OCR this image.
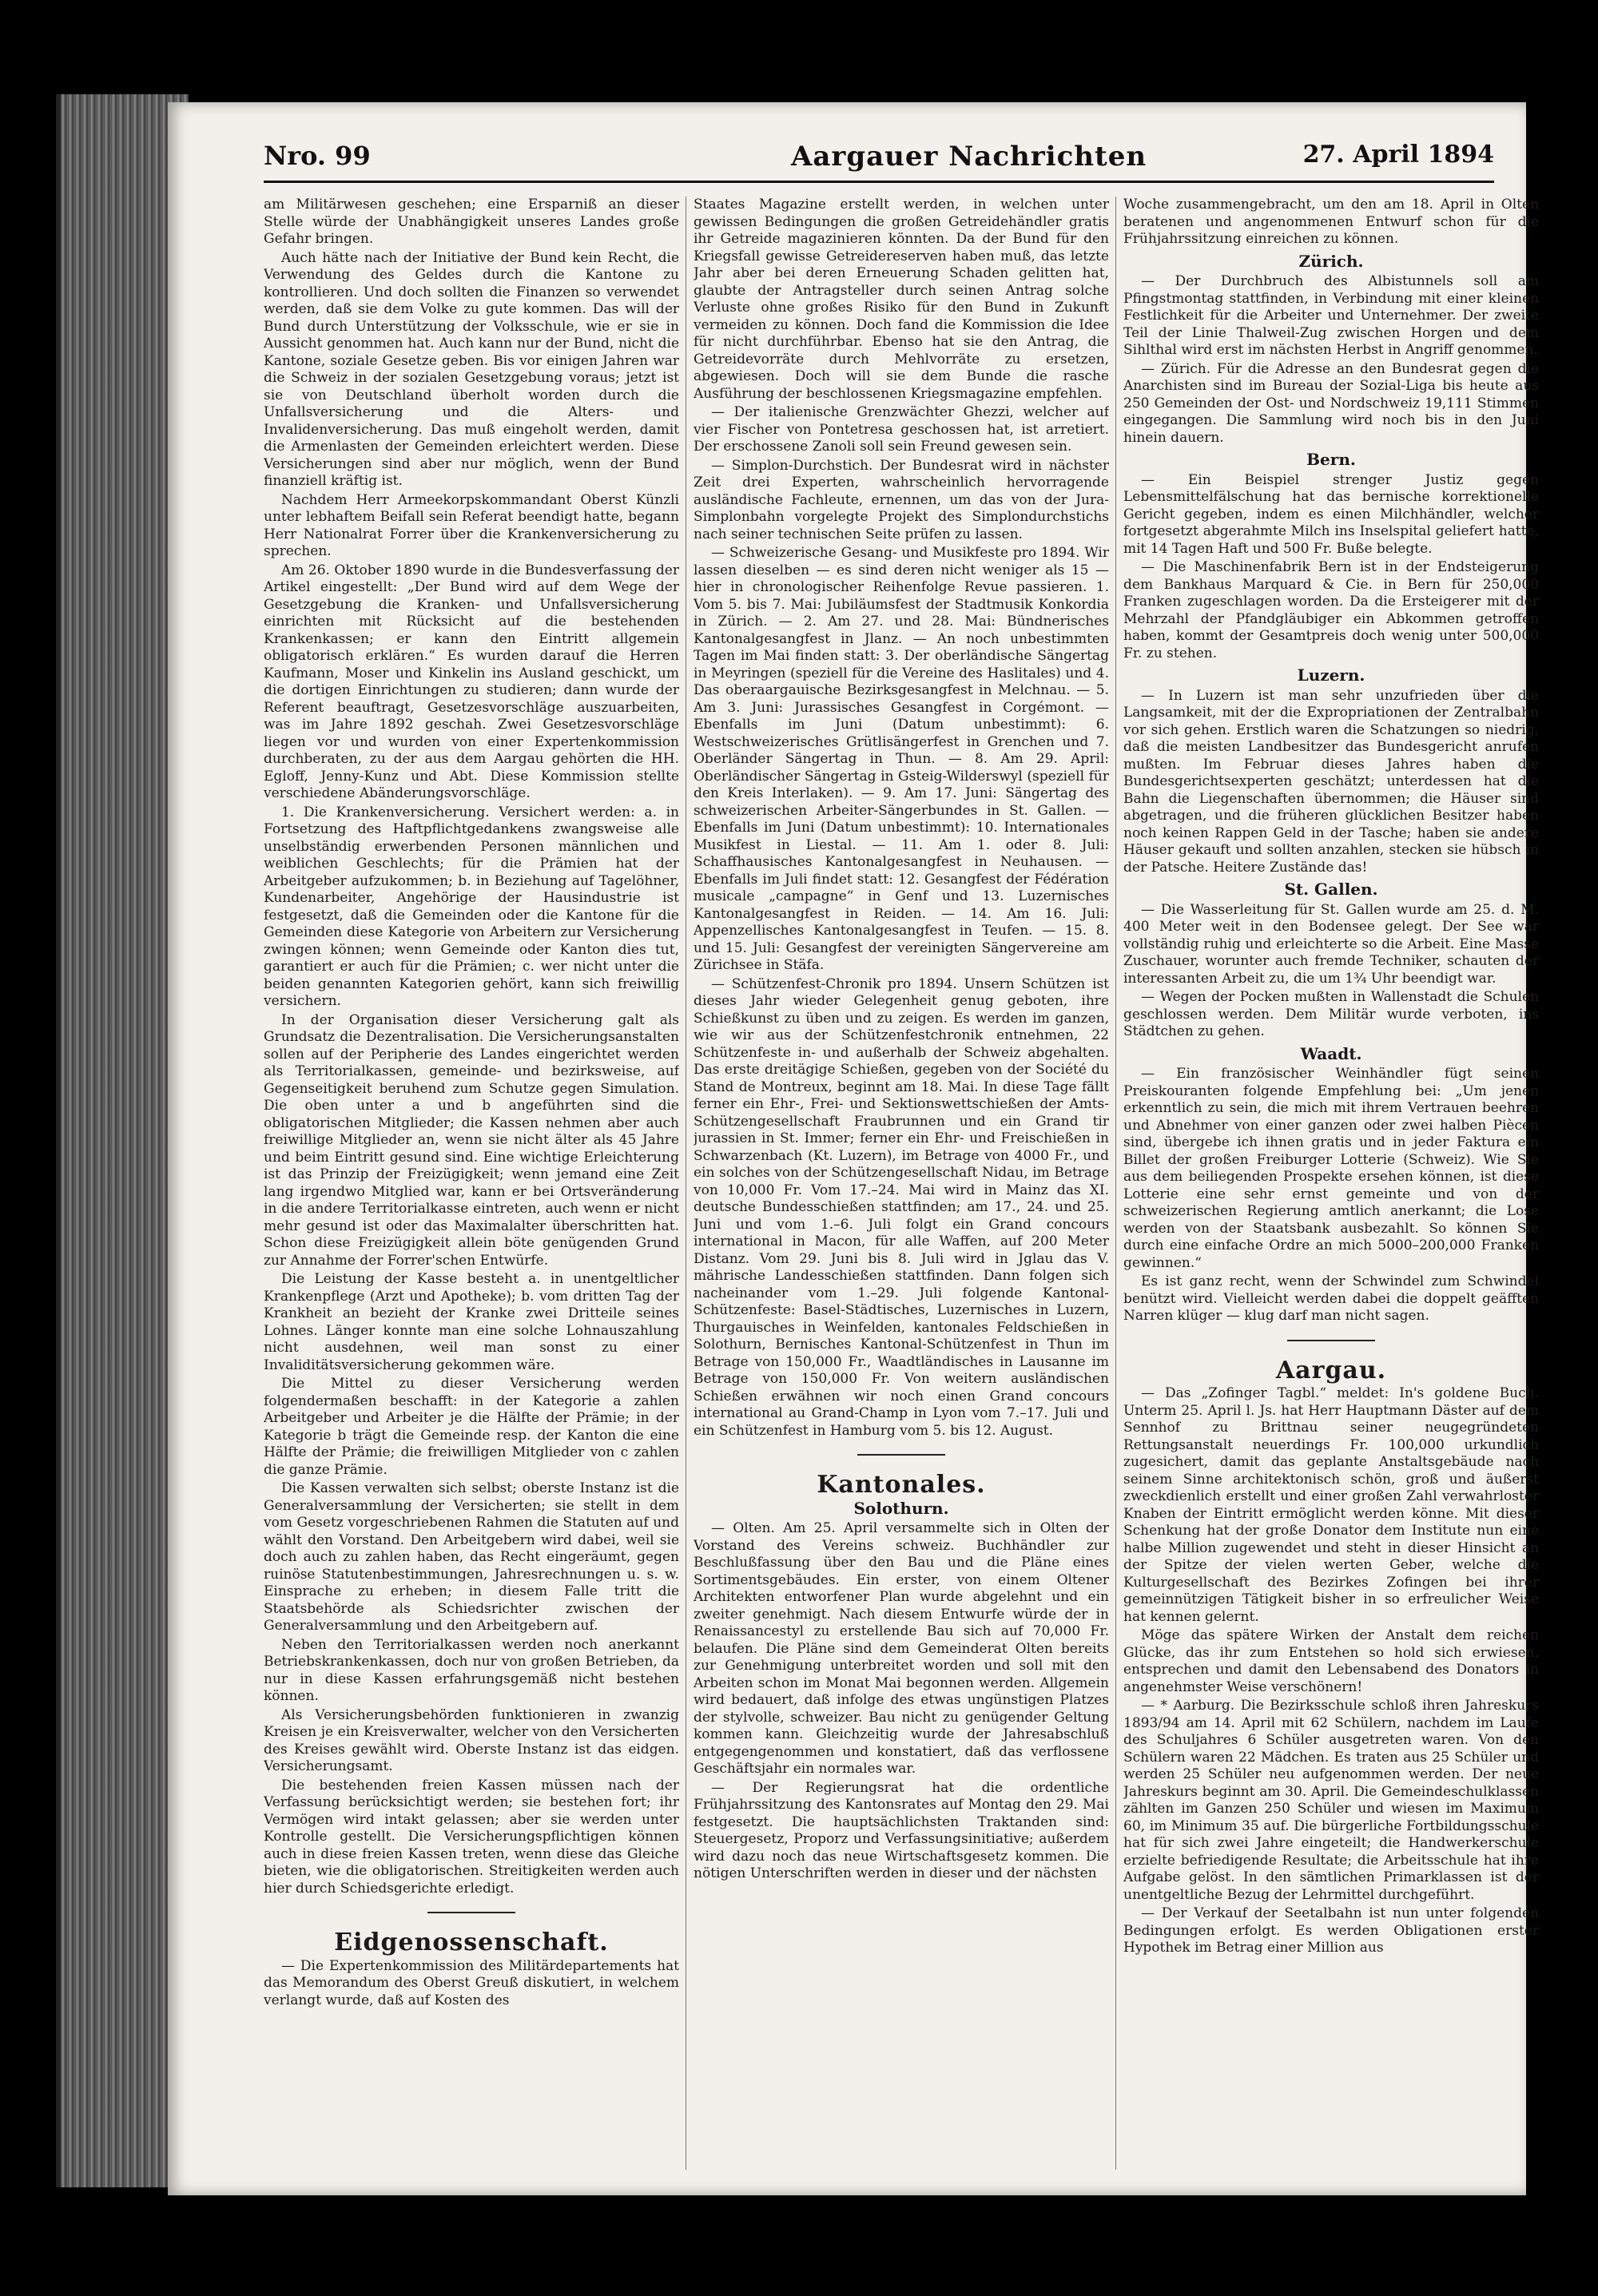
Nro. 99	Aargauer Nachrichten	27. April 1894

am Militärwesen geschehen; eine Ersparniß an dieser Stelle würde der Unabhängigkeit unseres Landes große Gefahr bringen.

Auch hätte nach der Initiative der Bund kein Recht, die Verwendung des Geldes durch die Kantone zu kontrollieren. Und doch sollten die Finanzen so verwendet werden, daß sie dem Volke zu gute kommen. Das will der Bund durch Unterstützung der Volksschule, wie er sie in Aussicht genommen hat. Auch kann nur der Bund, nicht die Kantone, soziale Gesetze geben. Bis vor einigen Jahren war die Schweiz in der sozialen Gesetzgebung voraus; jetzt ist sie von Deutschland überholt worden durch die Unfallsversicherung und die Alters- und Invalidenversicherung. Das muß eingeholt werden, damit die Armenlasten der Gemeinden erleichtert werden. Diese Versicherungen sind aber nur möglich, wenn der Bund finanziell kräftig ist.

Nachdem Herr Armeekorpskommandant Oberst Künzli unter lebhaftem Beifall sein Referat beendigt hatte, begann Herr Nationalrat Forrer über die Krankenversicherung zu sprechen.

Am 26. Oktober 1890 wurde in die Bundesverfassung der Artikel eingestellt: „Der Bund wird auf dem Wege der Gesetzgebung die Kranken- und Unfallsversicherung einrichten mit Rücksicht auf die bestehenden Krankenkassen; er kann den Eintritt allgemein obligatorisch erklären.“ Es wurden darauf die Herren Kaufmann, Moser und Kinkelin ins Ausland geschickt, um die dortigen Einrichtungen zu studieren; dann wurde der Referent beauftragt, Gesetzesvorschläge auszuarbeiten, was im Jahre 1892 geschah. Zwei Gesetzesvorschläge liegen vor und wurden von einer Expertenkommission durchberaten, zu der aus dem Aargau gehörten die HH. Egloff, Jenny-Kunz und Abt. Diese Kommission stellte verschiedene Abänderungsvorschläge.

1. Die Krankenversicherung. Versichert werden: a. in Fortsetzung des Haftpflichtgedankens zwangsweise alle unselbständig erwerbenden Personen männlichen und weiblichen Geschlechts; für die Prämien hat der Arbeitgeber aufzukommen; b. in Beziehung auf Tagelöhner, Kundenarbeiter, Angehörige der Hausindustrie ist festgesetzt, daß die Gemeinden oder die Kantone für die Gemeinden diese Kategorie von Arbeitern zur Versicherung zwingen können; wenn Gemeinde oder Kanton dies tut, garantiert er auch für die Prämien; c. wer nicht unter die beiden genannten Kategorien gehört, kann sich freiwillig versichern.

In der Organisation dieser Versicherung galt als Grundsatz die Dezentralisation. Die Versicherungsanstalten sollen auf der Peripherie des Landes eingerichtet werden als Territorialkassen, gemeinde- und bezirksweise, auf Gegenseitigkeit beruhend zum Schutze gegen Simulation. Die oben unter a und b angeführten sind die obligatorischen Mitglieder; die Kassen nehmen aber auch freiwillige Mitglieder an, wenn sie nicht älter als 45 Jahre und beim Eintritt gesund sind. Eine wichtige Erleichterung ist das Prinzip der Freizügigkeit; wenn jemand eine Zeit lang irgendwo Mitglied war, kann er bei Ortsveränderung in die andere Territorialkasse eintreten, auch wenn er nicht mehr gesund ist oder das Maximalalter überschritten hat. Schon diese Freizügigkeit allein böte genügenden Grund zur Annahme der Forrer'schen Entwürfe.

Die Leistung der Kasse besteht a. in unentgeltlicher Krankenpflege (Arzt und Apotheke); b. vom dritten Tag der Krankheit an bezieht der Kranke zwei Dritteile seines Lohnes. Länger konnte man eine solche Lohnauszahlung nicht ausdehnen, weil man sonst zu einer Invaliditätsversicherung gekommen wäre.

Die Mittel zu dieser Versicherung werden folgendermaßen beschafft: in der Kategorie a zahlen Arbeitgeber und Arbeiter je die Hälfte der Prämie; in der Kategorie b trägt die Gemeinde resp. der Kanton die eine Hälfte der Prämie; die freiwilligen Mitglieder von c zahlen die ganze Prämie.

Die Kassen verwalten sich selbst; oberste Instanz ist die Generalversammlung der Versicherten; sie stellt in dem vom Gesetz vorgeschriebenen Rahmen die Statuten auf und wählt den Vorstand. Den Arbeitgebern wird dabei, weil sie doch auch zu zahlen haben, das Recht eingeräumt, gegen ruinöse Statutenbestimmungen, Jahresrechnungen u. s. w. Einsprache zu erheben; in diesem Falle tritt die Staatsbehörde als Schiedsrichter zwischen der Generalversammlung und den Arbeitgebern auf.

Neben den Territorialkassen werden noch anerkannt Betriebskrankenkassen, doch nur von großen Betrieben, da nur in diese Kassen erfahrungsgemäß nicht bestehen können.

Als Versicherungsbehörden funktionieren in zwanzig Kreisen je ein Kreisverwalter, welcher von den Versicherten des Kreises gewählt wird. Oberste Instanz ist das eidgen. Versicherungsamt.

Die bestehenden freien Kassen müssen nach der Verfassung berücksichtigt werden; sie bestehen fort; ihr Vermögen wird intakt gelassen; aber sie werden unter Kontrolle gestellt. Die Versicherungspflichtigen können auch in diese freien Kassen treten, wenn diese das Gleiche bieten, wie die obligatorischen. Streitigkeiten werden auch hier durch Schiedsgerichte erledigt.

Eidgenossenschaft.

— Die Expertenkommission des Militärdepartements hat das Memorandum des Oberst Greuß diskutiert, in welchem verlangt wurde, daß auf Kosten des

Staates Magazine erstellt werden, in welchen unter gewissen Bedingungen die großen Getreidehändler gratis ihr Getreide magazinieren könnten. Da der Bund für den Kriegsfall gewisse Getreidereserven haben muß, das letzte Jahr aber bei deren Erneuerung Schaden gelitten hat, glaubte der Antragsteller durch seinen Antrag solche Verluste ohne großes Risiko für den Bund in Zukunft vermeiden zu können. Doch fand die Kommission die Idee für nicht durchführbar. Ebenso hat sie den Antrag, die Getreidevorräte durch Mehlvorräte zu ersetzen, abgewiesen. Doch will sie dem Bunde die rasche Ausführung der beschlossenen Kriegsmagazine empfehlen.

— Der italienische Grenzwächter Ghezzi, welcher auf vier Fischer von Pontetresa geschossen hat, ist arretiert. Der erschossene Zanoli soll sein Freund gewesen sein.

— Simplon-Durchstich. Der Bundesrat wird in nächster Zeit drei Experten, wahrscheinlich hervorragende ausländische Fachleute, ernennen, um das von der Jura-Simplonbahn vorgelegte Projekt des Simplondurchstichs nach seiner technischen Seite prüfen zu lassen.

— Schweizerische Gesang- und Musikfeste pro 1894. Wir lassen dieselben — es sind deren nicht weniger als 15 — hier in chronologischer Reihenfolge Revue passieren. 1. Vom 5. bis 7. Mai: Jubiläumsfest der Stadtmusik Konkordia in Zürich. — 2. Am 27. und 28. Mai: Bündnerisches Kantonalgesangfest in Jlanz. — An noch unbestimmten Tagen im Mai finden statt: 3. Der oberländische Sängertag in Meyringen (speziell für die Vereine des Haslitales) und 4. Das oberaargauische Bezirksgesangfest in Melchnau. — 5. Am 3. Juni: Jurassisches Gesangfest in Corgémont. — Ebenfalls im Juni (Datum unbestimmt): 6. Westschweizerisches Grütlisängerfest in Grenchen und 7. Oberländer Sängertag in Thun. — 8. Am 29. April: Oberländischer Sängertag in Gsteig-Wilderswyl (speziell für den Kreis Interlaken). — 9. Am 17. Juni: Sängertag des schweizerischen Arbeiter-Sängerbundes in St. Gallen. — Ebenfalls im Juni (Datum unbestimmt): 10. Internationales Musikfest in Liestal. — 11. Am 1. oder 8. Juli: Schaffhausisches Kantonalgesangfest in Neuhausen. — Ebenfalls im Juli findet statt: 12. Gesangfest der Fédération musicale „campagne“ in Genf und 13. Luzernisches Kantonalgesangfest in Reiden. — 14. Am 16. Juli: Appenzellisches Kantonalgesangfest in Teufen. — 15. 8. und 15. Juli: Gesangfest der vereinigten Sängervereine am Zürichsee in Stäfa.

— Schützenfest-Chronik pro 1894. Unsern Schützen ist dieses Jahr wieder Gelegenheit genug geboten, ihre Schießkunst zu üben und zu zeigen. Es werden im ganzen, wie wir aus der Schützenfestchronik entnehmen, 22 Schützenfeste in- und außerhalb der Schweiz abgehalten. Das erste dreitägige Schießen, gegeben von der Société du Stand de Montreux, beginnt am 18. Mai. In diese Tage fällt ferner ein Ehr-, Frei- und Sektionswettschießen der Amts-Schützengesellschaft Fraubrunnen und ein Grand tir jurassien in St. Immer; ferner ein Ehr- und Freischießen in Schwarzenbach (Kt. Luzern), im Betrage von 4000 Fr., und ein solches von der Schützengesellschaft Nidau, im Betrage von 10,000 Fr. Vom 17.–24. Mai wird in Mainz das XI. deutsche Bundesschießen stattfinden; am 17., 24. und 25. Juni und vom 1.–6. Juli folgt ein Grand concours international in Macon, für alle Waffen, auf 200 Meter Distanz. Vom 29. Juni bis 8. Juli wird in Jglau das V. mährische Landesschießen stattfinden. Dann folgen sich nacheinander vom 1.–29. Juli folgende Kantonal-Schützenfeste: Basel-Städtisches, Luzernisches in Luzern, Thurgauisches in Weinfelden, kantonales Feldschießen in Solothurn, Bernisches Kantonal-Schützenfest in Thun im Betrage von 150,000 Fr., Waadtländisches in Lausanne im Betrage von 150,000 Fr. Von weitern ausländischen Schießen erwähnen wir noch einen Grand concours international au Grand-Champ in Lyon vom 7.–17. Juli und ein Schützenfest in Hamburg vom 5. bis 12. August.

Kantonales.
Solothurn.

— Olten. Am 25. April versammelte sich in Olten der Vorstand des Vereins schweiz. Buchhändler zur Beschlußfassung über den Bau und die Pläne eines Sortimentsgebäudes. Ein erster, von einem Oltener Architekten entworfener Plan wurde abgelehnt und ein zweiter genehmigt. Nach diesem Entwurfe würde der in Renaissancestyl zu erstellende Bau sich auf 70,000 Fr. belaufen. Die Pläne sind dem Gemeinderat Olten bereits zur Genehmigung unterbreitet worden und soll mit den Arbeiten schon im Monat Mai begonnen werden. Allgemein wird bedauert, daß infolge des etwas ungünstigen Platzes der stylvolle, schweizer. Bau nicht zu genügender Geltung kommen kann. Gleichzeitig wurde der Jahresabschluß entgegengenommen und konstatiert, daß das verflossene Geschäftsjahr ein normales war.

— Der Regierungsrat hat die ordentliche Frühjahrssitzung des Kantonsrates auf Montag den 29. Mai festgesetzt. Die hauptsächlichsten Traktanden sind: Steuergesetz, Proporz und Verfassungsinitiative; außerdem wird dazu noch das neue Wirtschaftsgesetz kommen. Die nötigen Unterschriften werden in dieser und der nächsten

Woche zusammengebracht, um den am 18. April in Olten beratenen und angenommenen Entwurf schon für die Frühjahrssitzung einreichen zu können.

Zürich.

— Der Durchbruch des Albistunnels soll am Pfingstmontag stattfinden, in Verbindung mit einer kleinen Festlichkeit für die Arbeiter und Unternehmer. Der zweite Teil der Linie Thalweil-Zug zwischen Horgen und dem Sihlthal wird erst im nächsten Herbst in Angriff genommen.

— Zürich. Für die Adresse an den Bundesrat gegen die Anarchisten sind im Bureau der Sozial-Liga bis heute aus 250 Gemeinden der Ost- und Nordschweiz 19,111 Stimmen eingegangen. Die Sammlung wird noch bis in den Juni hinein dauern.

Bern.

— Ein Beispiel strenger Justiz gegen Lebensmittelfälschung hat das bernische korrektionelle Gericht gegeben, indem es einen Milchhändler, welcher fortgesetzt abgerahmte Milch ins Inselspital geliefert hatte, mit 14 Tagen Haft und 500 Fr. Buße belegte.

— Die Maschinenfabrik Bern ist in der Endsteigerung dem Bankhaus Marquard & Cie. in Bern für 250,000 Franken zugeschlagen worden. Da die Ersteigerer mit der Mehrzahl der Pfandgläubiger ein Abkommen getroffen haben, kommt der Gesamtpreis doch wenig unter 500,000 Fr. zu stehen.

Luzern.

— In Luzern ist man sehr unzufrieden über die Langsamkeit, mit der die Expropriationen der Zentralbahn vor sich gehen. Erstlich waren die Schatzungen so niedrig, daß die meisten Landbesitzer das Bundesgericht anrufen mußten. Im Februar dieses Jahres haben die Bundesgerichtsexperten geschätzt; unterdessen hat die Bahn die Liegenschaften übernommen; die Häuser sind abgetragen, und die früheren glücklichen Besitzer haben noch keinen Rappen Geld in der Tasche; haben sie andere Häuser gekauft und sollten anzahlen, stecken sie hübsch in der Patsche. Heitere Zustände das!

St. Gallen.

— Die Wasserleitung für St. Gallen wurde am 25. d. M. 400 Meter weit in den Bodensee gelegt. Der See war vollständig ruhig und erleichterte so die Arbeit. Eine Masse Zuschauer, worunter auch fremde Techniker, schauten der interessanten Arbeit zu, die um 1¾ Uhr beendigt war.

— Wegen der Pocken mußten in Wallenstadt die Schulen geschlossen werden. Dem Militär wurde verboten, ins Städtchen zu gehen.

Waadt.

— Ein französischer Weinhändler fügt seinen Preiskouranten folgende Empfehlung bei: „Um jenen erkenntlich zu sein, die mich mit ihrem Vertrauen beehren und Abnehmer von einer ganzen oder zwei halben Piècen sind, übergebe ich ihnen gratis und in jeder Faktura ein Billet der großen Freiburger Lotterie (Schweiz). Wie Sie aus dem beiliegenden Prospekte ersehen können, ist diese Lotterie eine sehr ernst gemeinte und von der schweizerischen Regierung amtlich anerkannt; die Lose werden von der Staatsbank ausbezahlt. So können Sie durch eine einfache Ordre an mich 5000–200,000 Franken gewinnen.“

Es ist ganz recht, wenn der Schwindel zum Schwindel benützt wird. Vielleicht werden dabei die doppelt geäfften Narren klüger — klug darf man nicht sagen.

Aargau.

— Das „Zofinger Tagbl.“ meldet: In's goldene Buch. Unterm 25. April l. Js. hat Herr Hauptmann Däster auf dem Sennhof zu Brittnau seiner neugegründeten Rettungsanstalt neuerdings Fr. 100,000 urkundlich zugesichert, damit das geplante Anstaltsgebäude nach seinem Sinne architektonisch schön, groß und äußerst zweckdienlich erstellt und einer großen Zahl verwahrloster Knaben der Eintritt ermöglicht werden könne. Mit dieser Schenkung hat der große Donator dem Institute nun eine halbe Million zugewendet und steht in dieser Hinsicht an der Spitze der vielen werten Geber, welche die Kulturgesellschaft des Bezirkes Zofingen bei ihrer gemeinnützigen Tätigkeit bisher in so erfreulicher Weise hat kennen gelernt.

Möge das spätere Wirken der Anstalt dem reichen Glücke, das ihr zum Entstehen so hold sich erwiesen, entsprechen und damit den Lebensabend des Donators in angenehmster Weise verschönern!

— * Aarburg. Die Bezirksschule schloß ihren Jahreskurs 1893/94 am 14. April mit 62 Schülern, nachdem im Laufe des Schuljahres 6 Schüler ausgetreten waren. Von den Schülern waren 22 Mädchen. Es traten aus 25 Schüler und werden 25 Schüler neu aufgenommen werden. Der neue Jahreskurs beginnt am 30. April. Die Gemeindeschulklassen zählten im Ganzen 250 Schüler und wiesen im Maximum 60, im Minimum 35 auf. Die bürgerliche Fortbildungsschule hat für sich zwei Jahre eingeteilt; die Handwerkerschule erzielte befriedigende Resultate; die Arbeitsschule hat ihre Aufgabe gelöst. In den sämtlichen Primarklassen ist der unentgeltliche Bezug der Lehrmittel durchgeführt.

— Der Verkauf der Seetalbahn ist nun unter folgenden Bedingungen erfolgt. Es werden Obligationen erster Hypothek im Betrag einer Million aus
